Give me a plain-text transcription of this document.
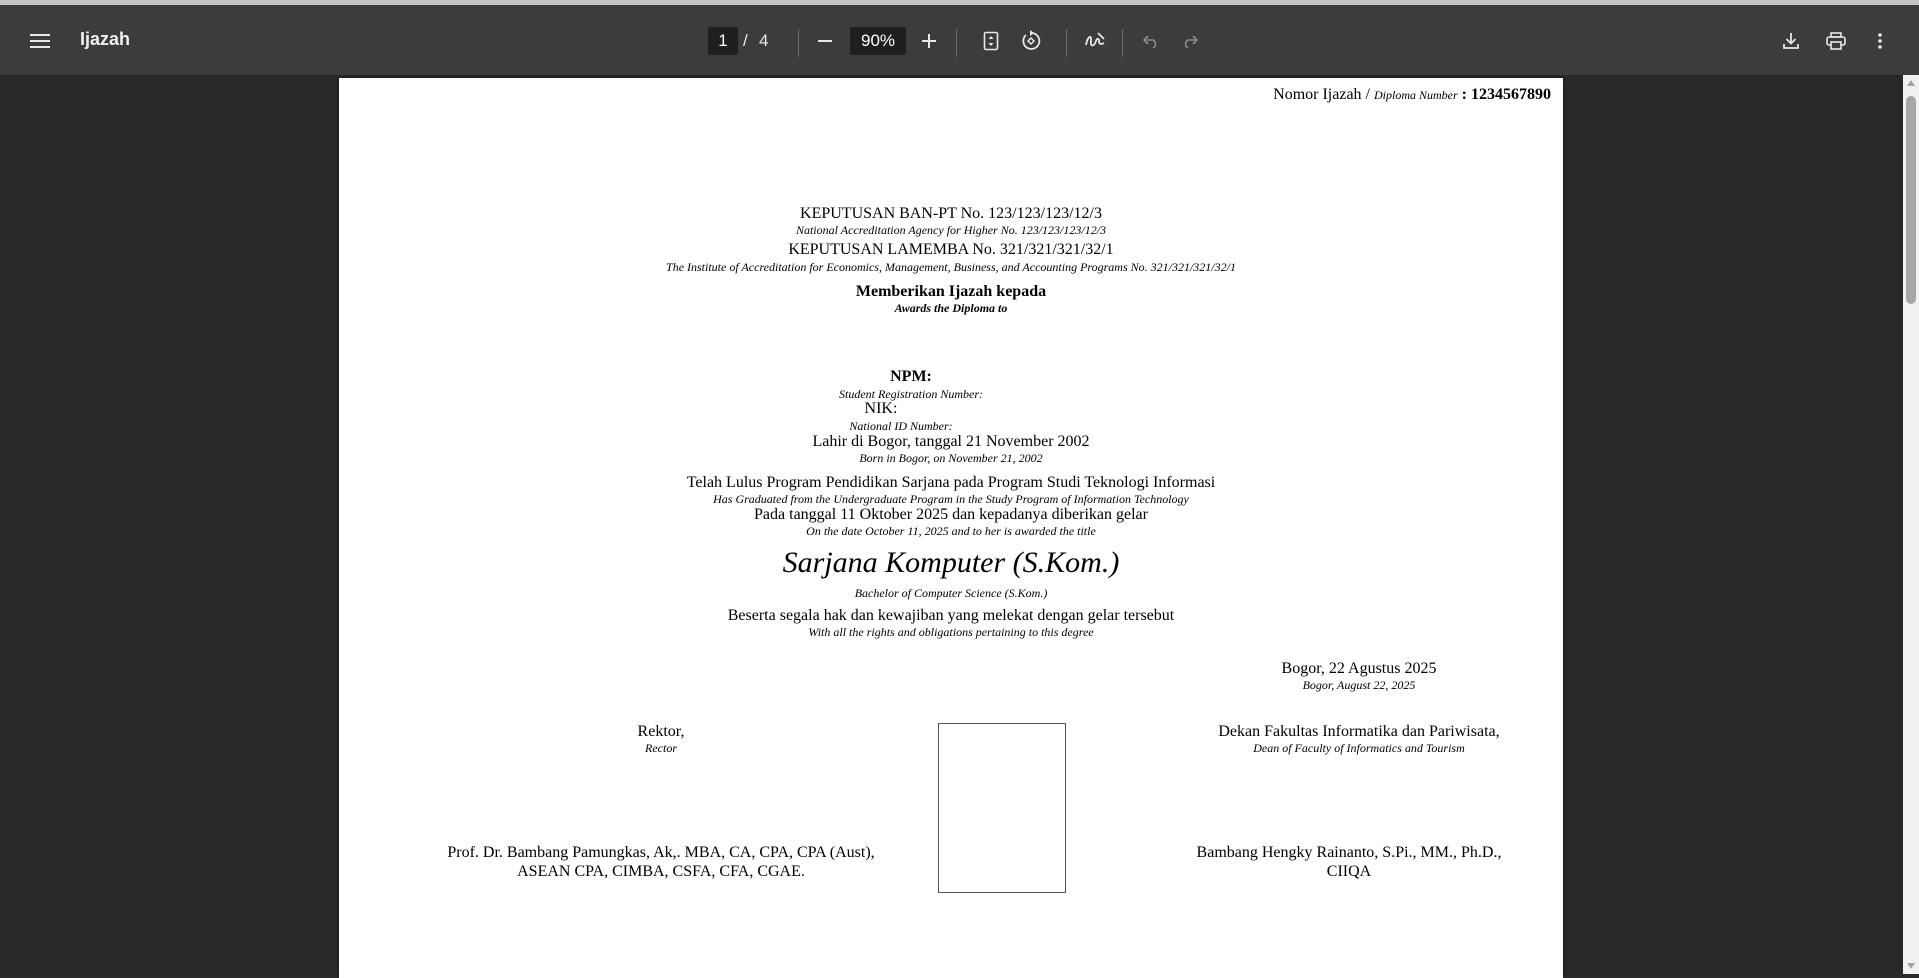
Ijazah	1 / 4	90%
Nomor Ijazah / Diploma Number : 1234567890
KEPUTUSAN BAN-PT No. 123/123/123/12/3
National Accreditation Agency for Higher No. 123/123/123/12/3
KEPUTUSAN LAMEMBA No. 321/321/321/32/1
The Institute of Accreditation for Economics, Management, Business, and Accounting Programs No. 321/321/321/32/1
Memberikan Ijazah kepada
Awards the Diploma to
NPM:
Student Registration Number:
NIK:
National ID Number:
Lahir di Bogor, tanggal 21 November 2002
Born in Bogor, on November 21, 2002
Telah Lulus Program Pendidikan Sarjana pada Program Studi Teknologi Informasi
Has Graduated from the Undergraduate Program in the Study Program of Information Technology
Pada tanggal 11 Oktober 2025 dan kepadanya diberikan gelar
On the date October 11, 2025 and to her is awarded the title
Sarjana Komputer (S.Kom.)
Bachelor of Computer Science (S.Kom.)
Beserta segala hak dan kewajiban yang melekat dengan gelar tersebut
With all the rights and obligations pertaining to this degree
Bogor, 22 Agustus 2025
Bogor, August 22, 2025
Rektor,
Rector
Dekan Fakultas Informatika dan Pariwisata,
Dean of Faculty of Informatics and Tourism
Prof. Dr. Bambang Pamungkas, Ak,. MBA, CA, CPA, CPA (Aust),
ASEAN CPA, CIMBA, CSFA, CFA, CGAE.
Bambang Hengky Rainanto, S.Pi., MM., Ph.D.,
CIIQA
